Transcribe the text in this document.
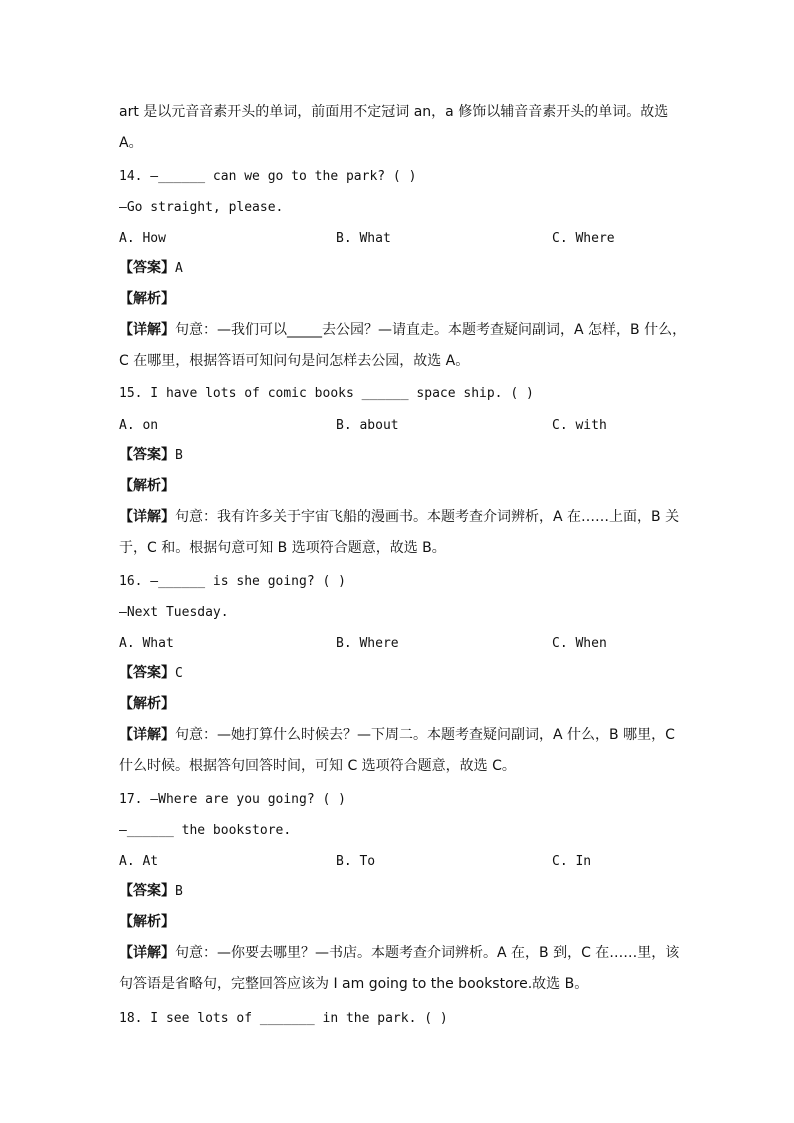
art 是以元音音素开头的单词，前面用不定冠词 an，a 修饰以辅音音素开头的单词。故选
A。
14. —______ can we go to the park? ( )
—Go straight, please.
A. How	B. What	C. Where
【答案】A
【解析】
【详解】句意：—我们可以_____去公园？—请直走。本题考查疑问副词，A 怎样，B 什么，
C 在哪里，根据答语可知问句是问怎样去公园，故选 A。
15. I have lots of comic books ______ space ship. ( )
A. on	B. about	C. with
【答案】B
【解析】
【详解】句意：我有许多关于宇宙飞船的漫画书。本题考查介词辨析，A 在……上面，B 关
于，C 和。根据句意可知 B 选项符合题意，故选 B。
16. —______ is she going? ( )
—Next Tuesday.
A. What	B. Where	C. When
【答案】C
【解析】
【详解】句意：—她打算什么时候去？—下周二。本题考查疑问副词，A 什么，B 哪里，C
什么时候。根据答句回答时间，可知 C 选项符合题意，故选 C。
17. —Where are you going? ( )
—______ the bookstore.
A. At	B. To	C. In
【答案】B
【解析】
【详解】句意：—你要去哪里？—书店。本题考查介词辨析。A 在，B 到，C 在……里，该
句答语是省略句，完整回答应该为 I am going to the bookstore.故选 B。
18. I see lots of _______ in the park. ( )
